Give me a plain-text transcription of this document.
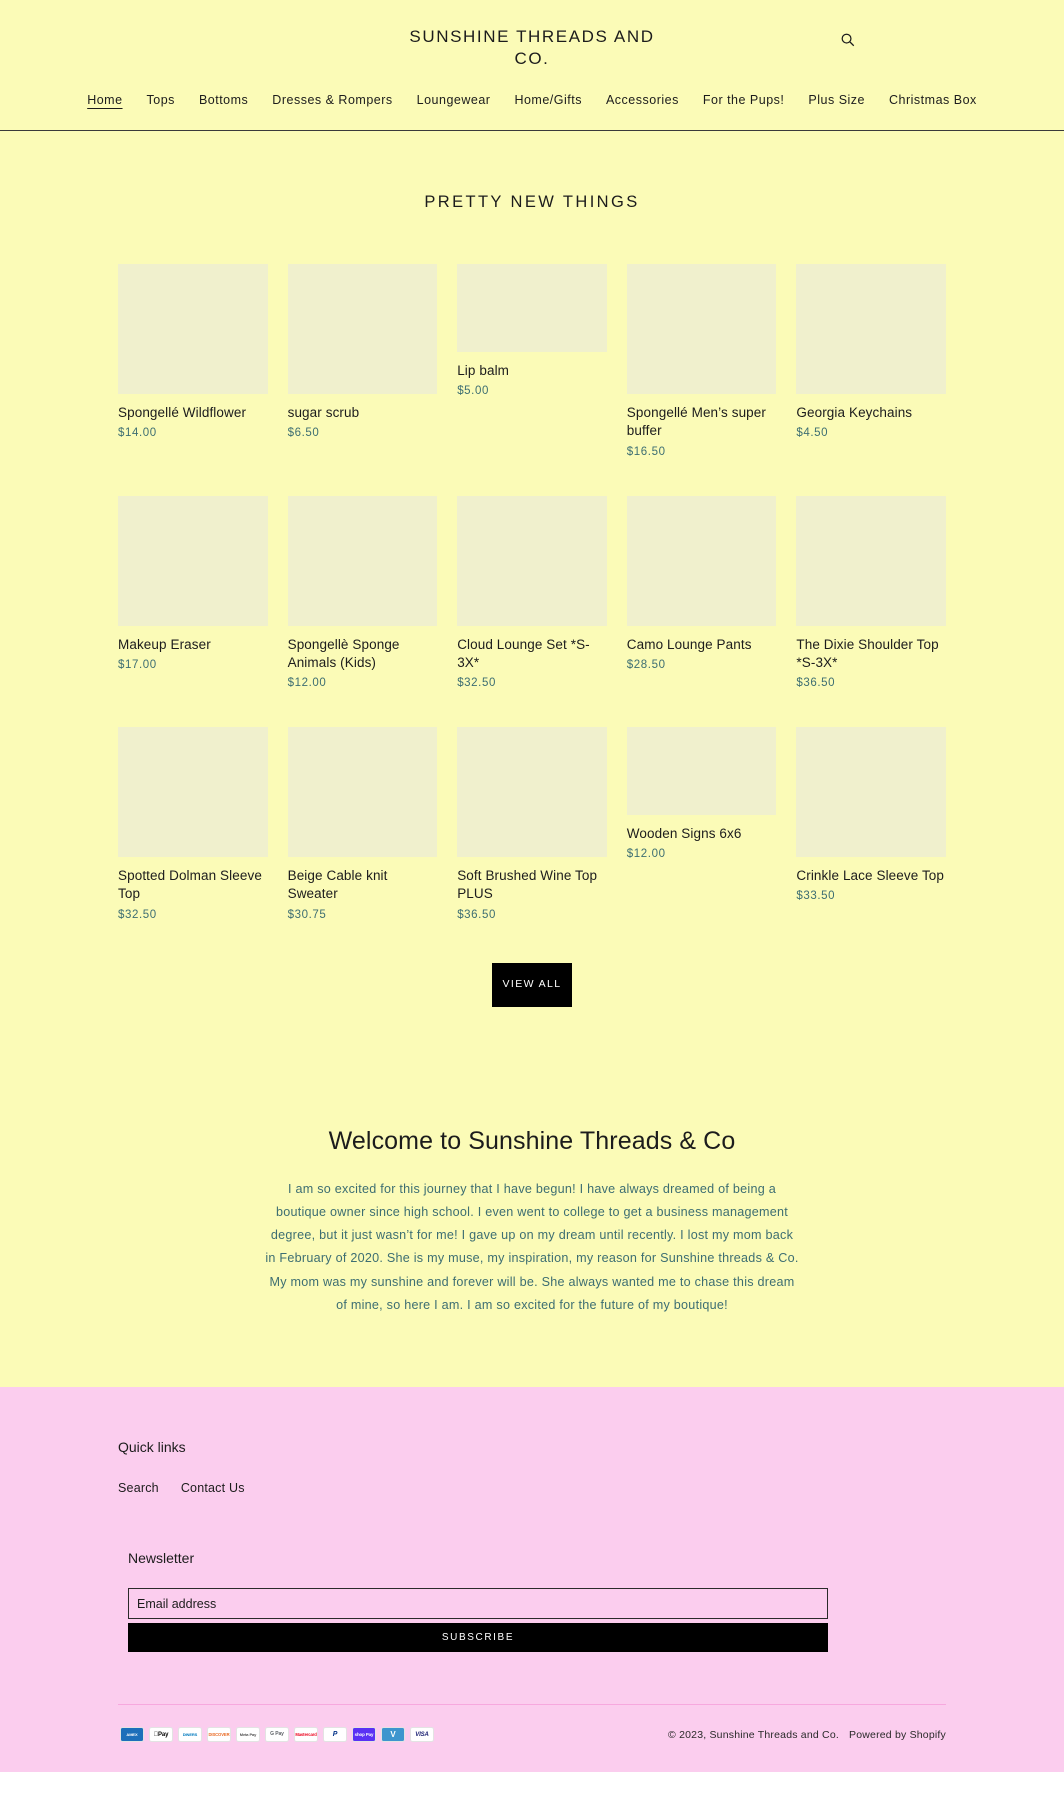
SUNSHINE THREADS AND CO.
Home	Tops	Bottoms	Dresses & Rompers	Loungewear	Home/Gifts	Accessories	For the Pups!	Plus Size	Christmas Box
PRETTY NEW THINGS
Spongellé Wildflower
$14.00
sugar scrub
$6.50
Lip balm
$5.00
Spongellé Men’s super buffer
$16.50
Georgia Keychains
$4.50
Makeup Eraser
$17.00
Spongellè Sponge Animals (Kids)
$12.00
Cloud Lounge Set *S-3X*
$32.50
Camo Lounge Pants
$28.50
The Dixie Shoulder Top *S-3X*
$36.50
Spotted Dolman Sleeve Top
$32.50
Beige Cable knit Sweater
$30.75
Soft Brushed Wine Top PLUS
$36.50
Wooden Signs 6x6
$12.00
Crinkle Lace Sleeve Top
$33.50
VIEW ALL
Welcome to Sunshine Threads & Co

I am so excited for this journey that I have begun! I have always dreamed of being a boutique owner since high school. I even went to college to get a business management degree, but it just wasn’t for me! I gave up on my dream until recently. I lost my mom back in February of 2020. She is my muse, my inspiration, my reason for Sunshine threads & Co. My mom was my sunshine and forever will be. She always wanted me to chase this dream of mine, so here I am. I am so excited for the future of my boutique!

Quick links
Search Contact Us
Newsletter
Email address
SUBSCRIBE
AMEX	Pay	DINERS	DISCOVER	Meta Pay	G Pay	Mastercard	P	shop Pay	V	VISA	© 2023, Sunshine Threads and Co. Powered by Shopify
